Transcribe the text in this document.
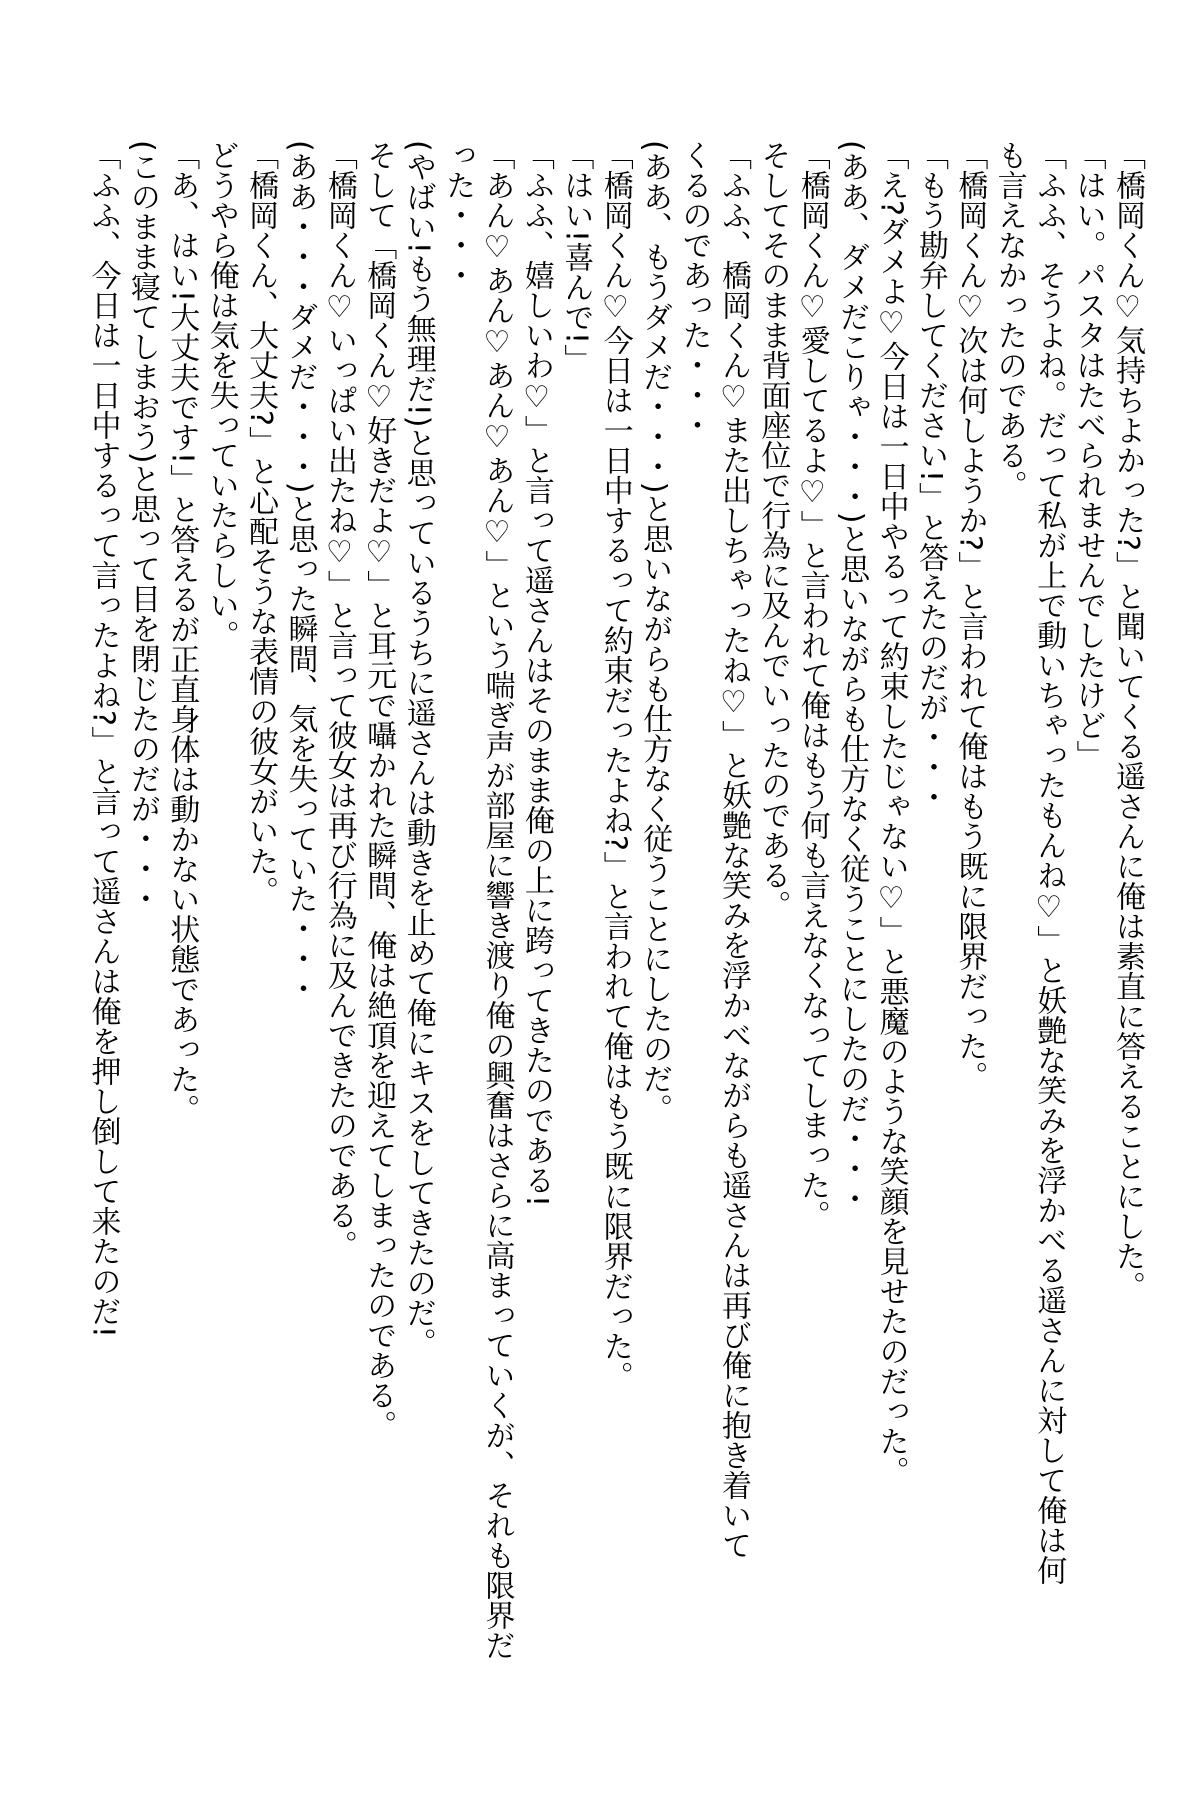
「橋岡くん♡気持ちよかった?」と聞いてくる遥さんに俺は素直に答えることにした。
「はい。パスタはたべられませんでしたけど」
「ふふ、そうよね。だって私が上で動いちゃったもんね♡」と妖艶な笑みを浮かべる遥さんに対して俺は何
も言えなかったのである。
「橋岡くん♡次は何しようか?」と言われて俺はもう既に限界だった。
「もう勘弁してください!」と答えたのだが・・・
「え?ダメよ♡今日は一日中やるって約束したじゃない♡」と悪魔のような笑顔を見せたのだった。
(ああ、ダメだこりゃ・・・)と思いながらも仕方なく従うことにしたのだ・・・
「橋岡くん♡愛してるよ♡」と言われて俺はもう何も言えなくなってしまった。
そしてそのまま背面座位で行為に及んでいったのである。
「ふふ、橋岡くん♡また出しちゃったね♡」と妖艶な笑みを浮かべながらも遥さんは再び俺に抱き着いて
くるのであった・・・
(ああ、もうダメだ・・・)と思いながらも仕方なく従うことにしたのだ。
「橋岡くん♡今日は一日中するって約束だったよね?」と言われて俺はもう既に限界だった。
「はい!喜んで!」
「ふふ、嬉しいわ♡」と言って遥さんはそのまま俺の上に跨ってきたのである!
「あん♡あん♡あん♡あん♡」という喘ぎ声が部屋に響き渡り俺の興奮はさらに高まっていくが、それも限界だ
った・・・
(やばい!もう無理だ!)と思っているうちに遥さんは動きを止めて俺にキスをしてきたのだ。
そして「橋岡くん♡好きだよ♡」と耳元で囁かれた瞬間、俺は絶頂を迎えてしまったのである。
「橋岡くん♡いっぱい出たね♡」と言って彼女は再び行為に及んできたのである。
(ああ・・・ダメだ・・・)と思った瞬間、気を失っていた・・・
「橋岡くん、大丈夫?」と心配そうな表情の彼女がいた。
どうやら俺は気を失っていたらしい。
「あ、はい!大丈夫です!」と答えるが正直身体は動かない状態であった。
(このまま寝てしまおう)と思って目を閉じたのだが・・・
「ふふ、今日は一日中するって言ったよね?」と言って遥さんは俺を押し倒して来たのだ!
